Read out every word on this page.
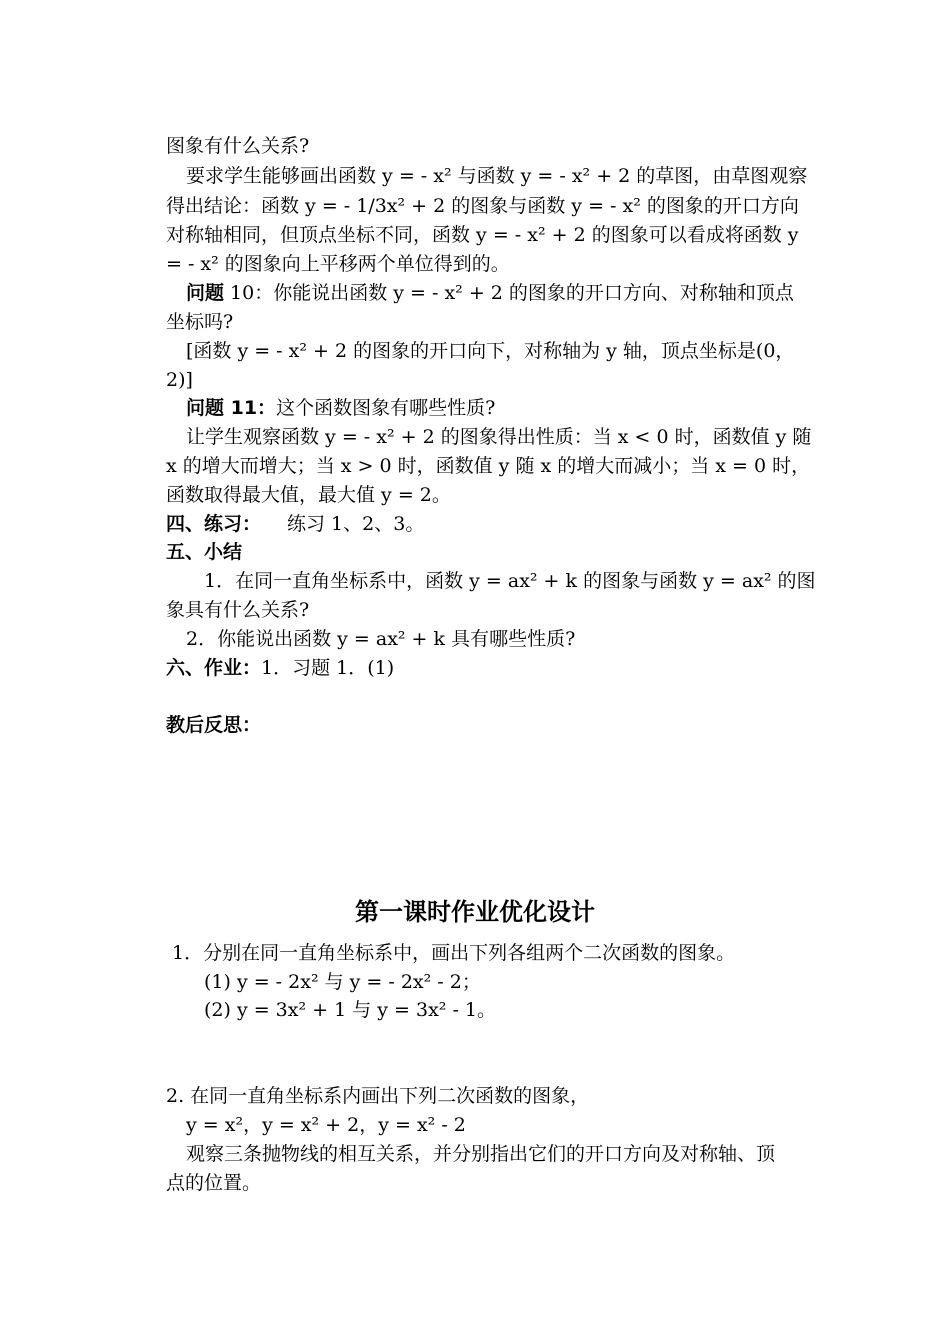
图象有什么关系?
要求学生能够画出函数 y = - x² 与函数 y = - x² + 2 的草图，由草图观察
得出结论：函数 y = - 1/3x² + 2 的图象与函数 y = - x² 的图象的开口方向
对称轴相同，但顶点坐标不同，函数 y = - x² + 2 的图象可以看成将函数 y
= - x² 的图象向上平移两个单位得到的。
问题 10：你能说出函数 y = - x² + 2 的图象的开口方向、对称轴和顶点
坐标吗?
[函数 y = - x² + 2 的图象的开口向下，对称轴为 y 轴，顶点坐标是(0，
2)]
问题 11：这个函数图象有哪些性质?
让学生观察函数 y = - x² + 2 的图象得出性质：当 x < 0 时，函数值 y 随
x 的增大而增大；当 x > 0 时，函数值 y 随 x 的增大而减小；当 x = 0 时，
函数取得最大值，最大值 y = 2。
四、练习： 练习 1、2、3。
五、小结
1．在同一直角坐标系中，函数 y = ax² + k 的图象与函数 y = ax² 的图
象具有什么关系?
2．你能说出函数 y = ax² + k 具有哪些性质?
六、作业：1．习题 1．(1)
教后反思：
第一课时作业优化设计
1．分别在同一直角坐标系中，画出下列各组两个二次函数的图象。
(1) y = - 2x² 与 y = - 2x² - 2；
(2) y = 3x² + 1 与 y = 3x² - 1。
2. 在同一直角坐标系内画出下列二次函数的图象，
y = x²，y = x² + 2，y = x² - 2
观察三条抛物线的相互关系，并分别指出它们的开口方向及对称轴、顶
点的位置。
